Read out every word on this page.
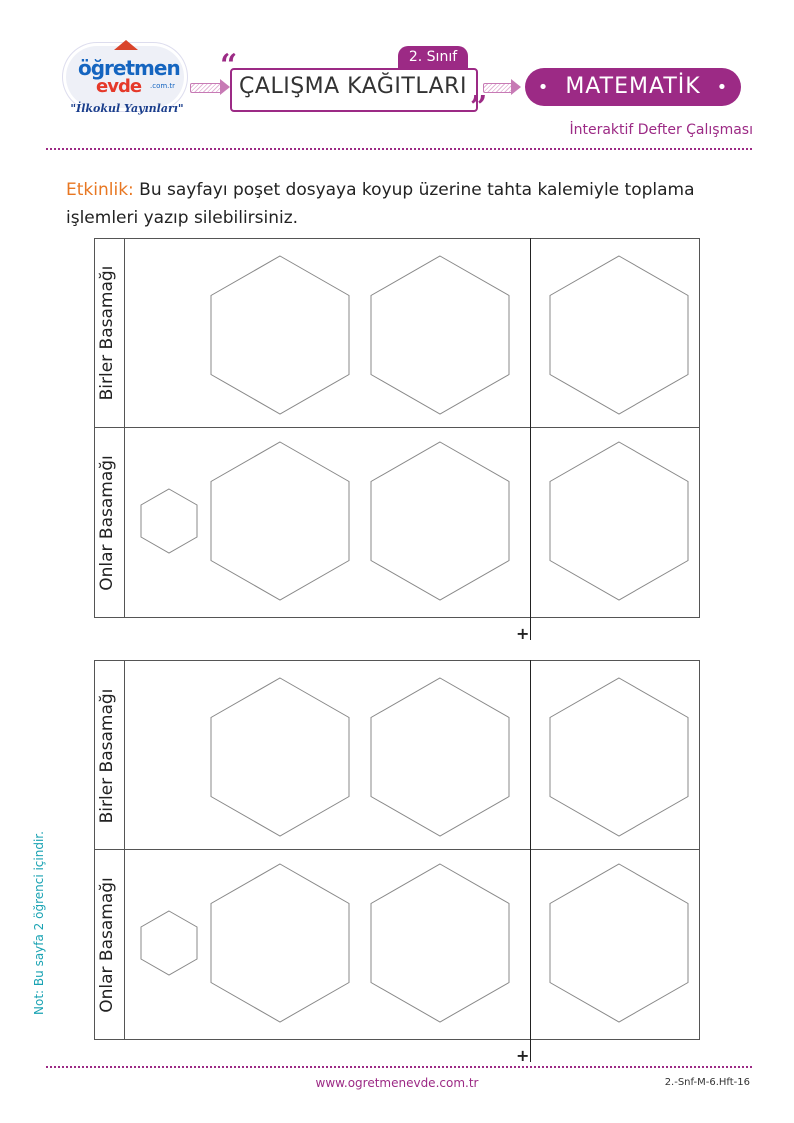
öğretmen
evde .com.tr
"İlkokul Yayınları"
“	2. Sınıf
ÇALIŞMA KAĞITLARI
”
• MATEMATİK •
İnteraktif Defter Çalışması
Etkinlik: Bu sayfayı poşet dosyaya koyup üzerine tahta kalemiyle toplama işlemleri yazıp silebilirsiniz.
Birler Basamağı
Onlar Basamağı
+
Birler Basamağı
Onlar Basamağı
+
Not: Bu sayfa 2 öğrenci içindir.
www.ogretmenevde.com.tr	2.-Snf-M-6.Hft-16
